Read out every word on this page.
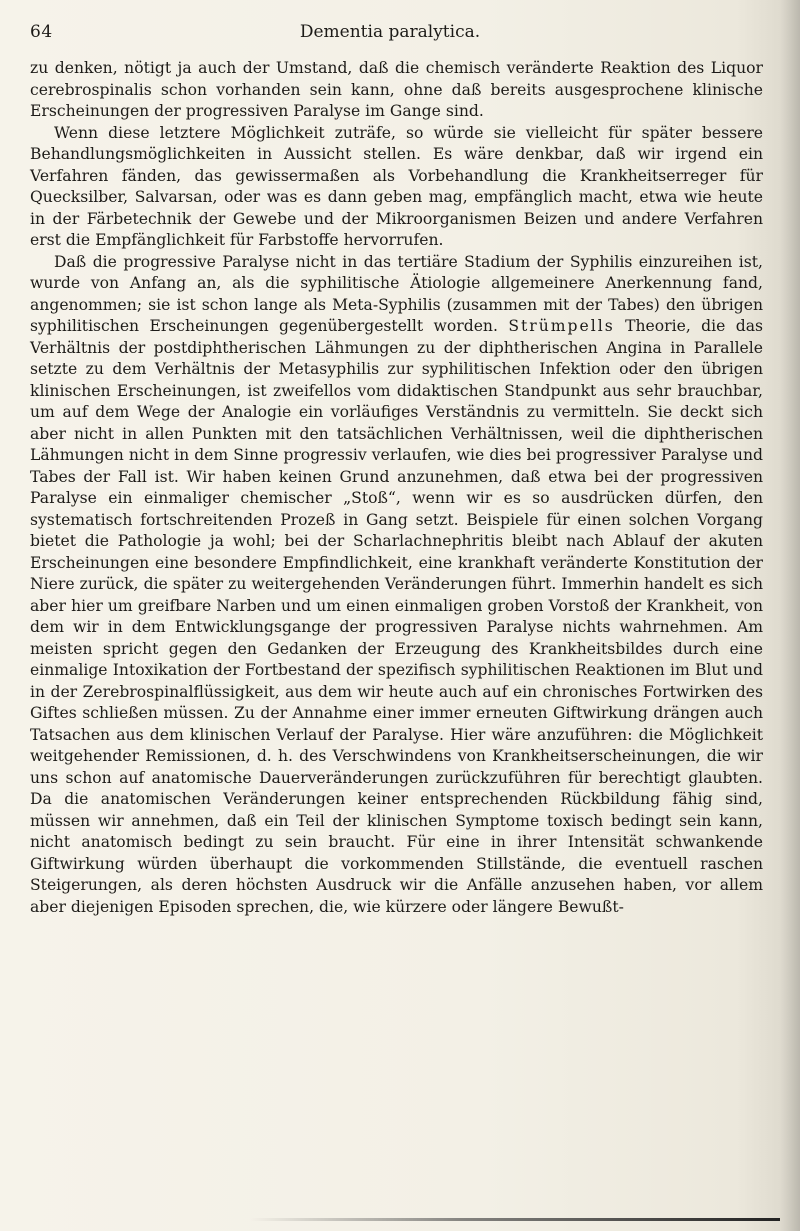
64	Dementia paralytica.

zu denken, nötigt ja auch der Umstand, daß die chemisch veränderte Reaktion des Liquor cerebrospinalis schon vorhanden sein kann, ohne daß bereits ausgesprochene klinische Erscheinungen der progressiven Paralyse im Gange sind.

Wenn diese letztere Möglichkeit zuträfe, so würde sie vielleicht für später bessere Behandlungsmöglichkeiten in Aussicht stellen. Es wäre denkbar, daß wir irgend ein Verfahren fänden, das gewissermaßen als Vorbehandlung die Krankheitserreger für Quecksilber, Salvarsan, oder was es dann geben mag, empfänglich macht, etwa wie heute in der Färbetechnik der Gewebe und der Mikroorganismen Beizen und andere Verfahren erst die Empfänglichkeit für Farbstoffe hervorrufen.

Daß die progressive Paralyse nicht in das tertiäre Stadium der Syphilis einzureihen ist, wurde von Anfang an, als die syphilitische Ätiologie allgemeinere Anerkennung fand, angenommen; sie ist schon lange als Meta-Syphilis (zusammen mit der Tabes) den übrigen syphilitischen Erscheinungen gegenübergestellt worden. Strümpells Theorie, die das Verhältnis der postdiphtherischen Lähmungen zu der diphtherischen Angina in Parallele setzte zu dem Verhältnis der Metasyphilis zur syphilitischen Infektion oder den übrigen klinischen Erscheinungen, ist zweifellos vom didaktischen Standpunkt aus sehr brauchbar, um auf dem Wege der Analogie ein vorläufiges Verständnis zu vermitteln. Sie deckt sich aber nicht in allen Punkten mit den tatsächlichen Verhältnissen, weil die diphtherischen Lähmungen nicht in dem Sinne progressiv verlaufen, wie dies bei progressiver Paralyse und Tabes der Fall ist. Wir haben keinen Grund anzunehmen, daß etwa bei der progressiven Paralyse ein einmaliger chemischer „Stoß“, wenn wir es so ausdrücken dürfen, den systematisch fortschreitenden Prozeß in Gang setzt. Beispiele für einen solchen Vorgang bietet die Pathologie ja wohl; bei der Scharlachnephritis bleibt nach Ablauf der akuten Erscheinungen eine besondere Empfindlichkeit, eine krankhaft veränderte Konstitution der Niere zurück, die später zu weitergehenden Veränderungen führt. Immerhin handelt es sich aber hier um greifbare Narben und um einen einmaligen groben Vorstoß der Krankheit, von dem wir in dem Entwicklungsgange der progressiven Paralyse nichts wahrnehmen. Am meisten spricht gegen den Gedanken der Erzeugung des Krankheitsbildes durch eine einmalige Intoxikation der Fortbestand der spezifisch syphilitischen Reaktionen im Blut und in der Zerebrospinalflüssigkeit, aus dem wir heute auch auf ein chronisches Fortwirken des Giftes schließen müssen. Zu der Annahme einer immer erneuten Giftwirkung drängen auch Tatsachen aus dem klinischen Verlauf der Paralyse. Hier wäre anzuführen: die Möglichkeit weitgehender Remissionen, d. h. des Verschwindens von Krankheitserscheinungen, die wir uns schon auf anatomische Dauerveränderungen zurückzuführen für berechtigt glaubten. Da die anatomischen Veränderungen keiner entsprechenden Rückbildung fähig sind, müssen wir annehmen, daß ein Teil der klinischen Symptome toxisch bedingt sein kann, nicht anatomisch bedingt zu sein braucht. Für eine in ihrer Intensität schwankende Giftwirkung würden überhaupt die vorkommenden Stillstände, die eventuell raschen Steigerungen, als deren höchsten Ausdruck wir die Anfälle anzusehen haben, vor allem aber diejenigen Episoden sprechen, die, wie kürzere oder längere Bewußt-
